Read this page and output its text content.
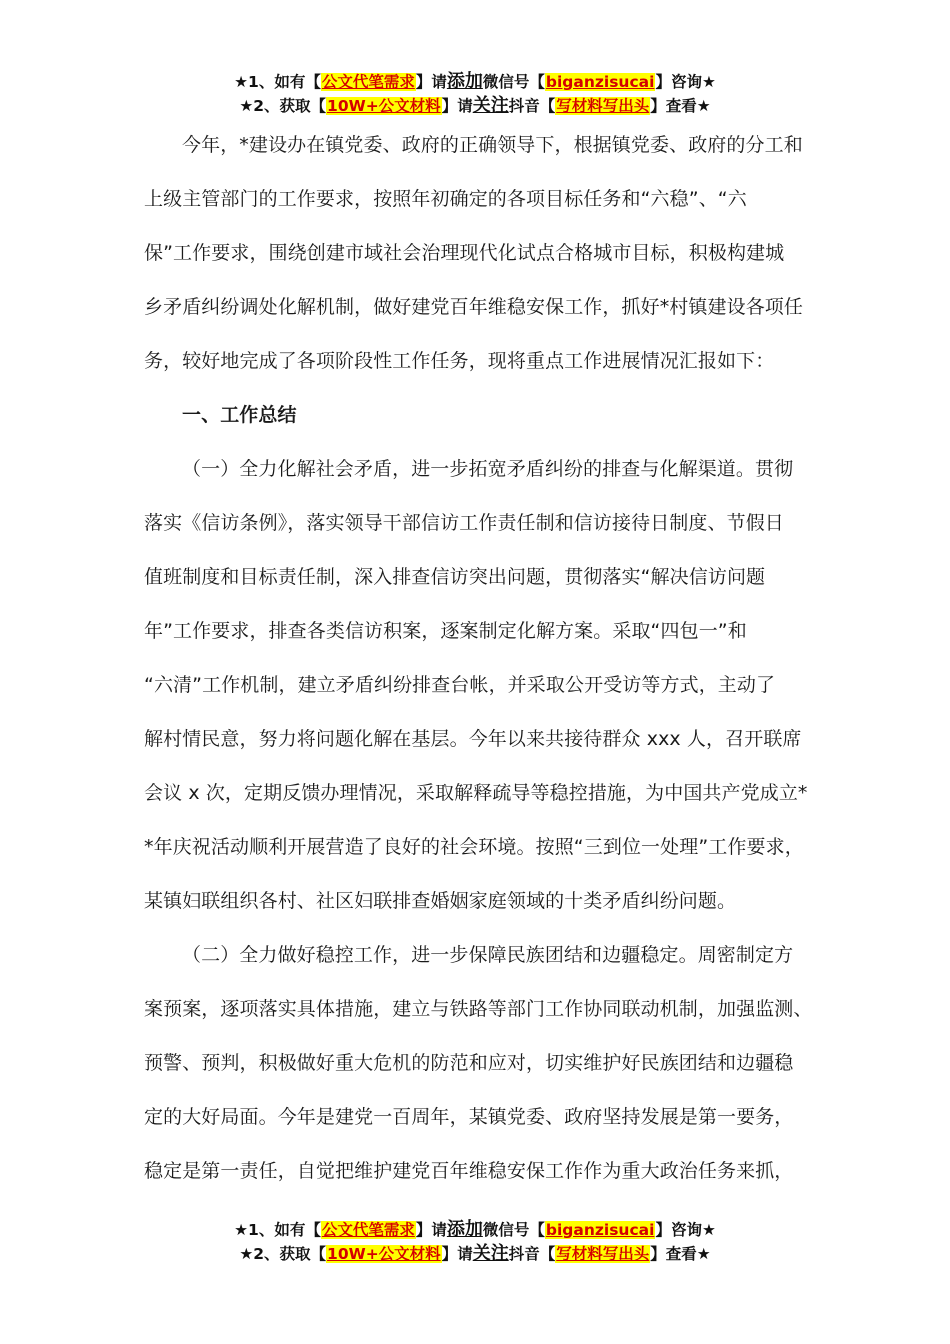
★1、如有【公文代笔需求】请添加微信号【biganzisucai】咨询★
★2、获取【10W+公文材料】请关注抖音【写材料写出头】查看★
今年，*建设办在镇党委、政府的正确领导下，根据镇党委、政府的分工和
上级主管部门的工作要求，按照年初确定的各项目标任务和“六稳”、“六
保”工作要求，围绕创建市域社会治理现代化试点合格城市目标，积极构建城
乡矛盾纠纷调处化解机制，做好建党百年维稳安保工作，抓好*村镇建设各项任
务，较好地完成了各项阶段性工作任务，现将重点工作进展情况汇报如下：
一、工作总结
（一）全力化解社会矛盾，进一步拓宽矛盾纠纷的排查与化解渠道。贯彻
落实《信访条例》，落实领导干部信访工作责任制和信访接待日制度、节假日
值班制度和目标责任制，深入排查信访突出问题，贯彻落实“解决信访问题
年”工作要求，排查各类信访积案，逐案制定化解方案。采取“四包一”和
“六清”工作机制，建立矛盾纠纷排查台帐，并采取公开受访等方式，主动了
解村情民意，努力将问题化解在基层。今年以来共接待群众 xxx 人，召开联席
会议 x 次，定期反馈办理情况，采取解释疏导等稳控措施，为中国共产党成立*
*年庆祝活动顺利开展营造了良好的社会环境。按照“三到位一处理”工作要求，
某镇妇联组织各村、社区妇联排查婚姻家庭领域的十类矛盾纠纷问题。
（二）全力做好稳控工作，进一步保障民族团结和边疆稳定。周密制定方
案预案，逐项落实具体措施，建立与铁路等部门工作协同联动机制，加强监测、
预警、预判，积极做好重大危机的防范和应对，切实维护好民族团结和边疆稳
定的大好局面。今年是建党一百周年，某镇党委、政府坚持发展是第一要务，
稳定是第一责任，自觉把维护建党百年维稳安保工作作为重大政治任务来抓，
★1、如有【公文代笔需求】请添加微信号【biganzisucai】咨询★
★2、获取【10W+公文材料】请关注抖音【写材料写出头】查看★
